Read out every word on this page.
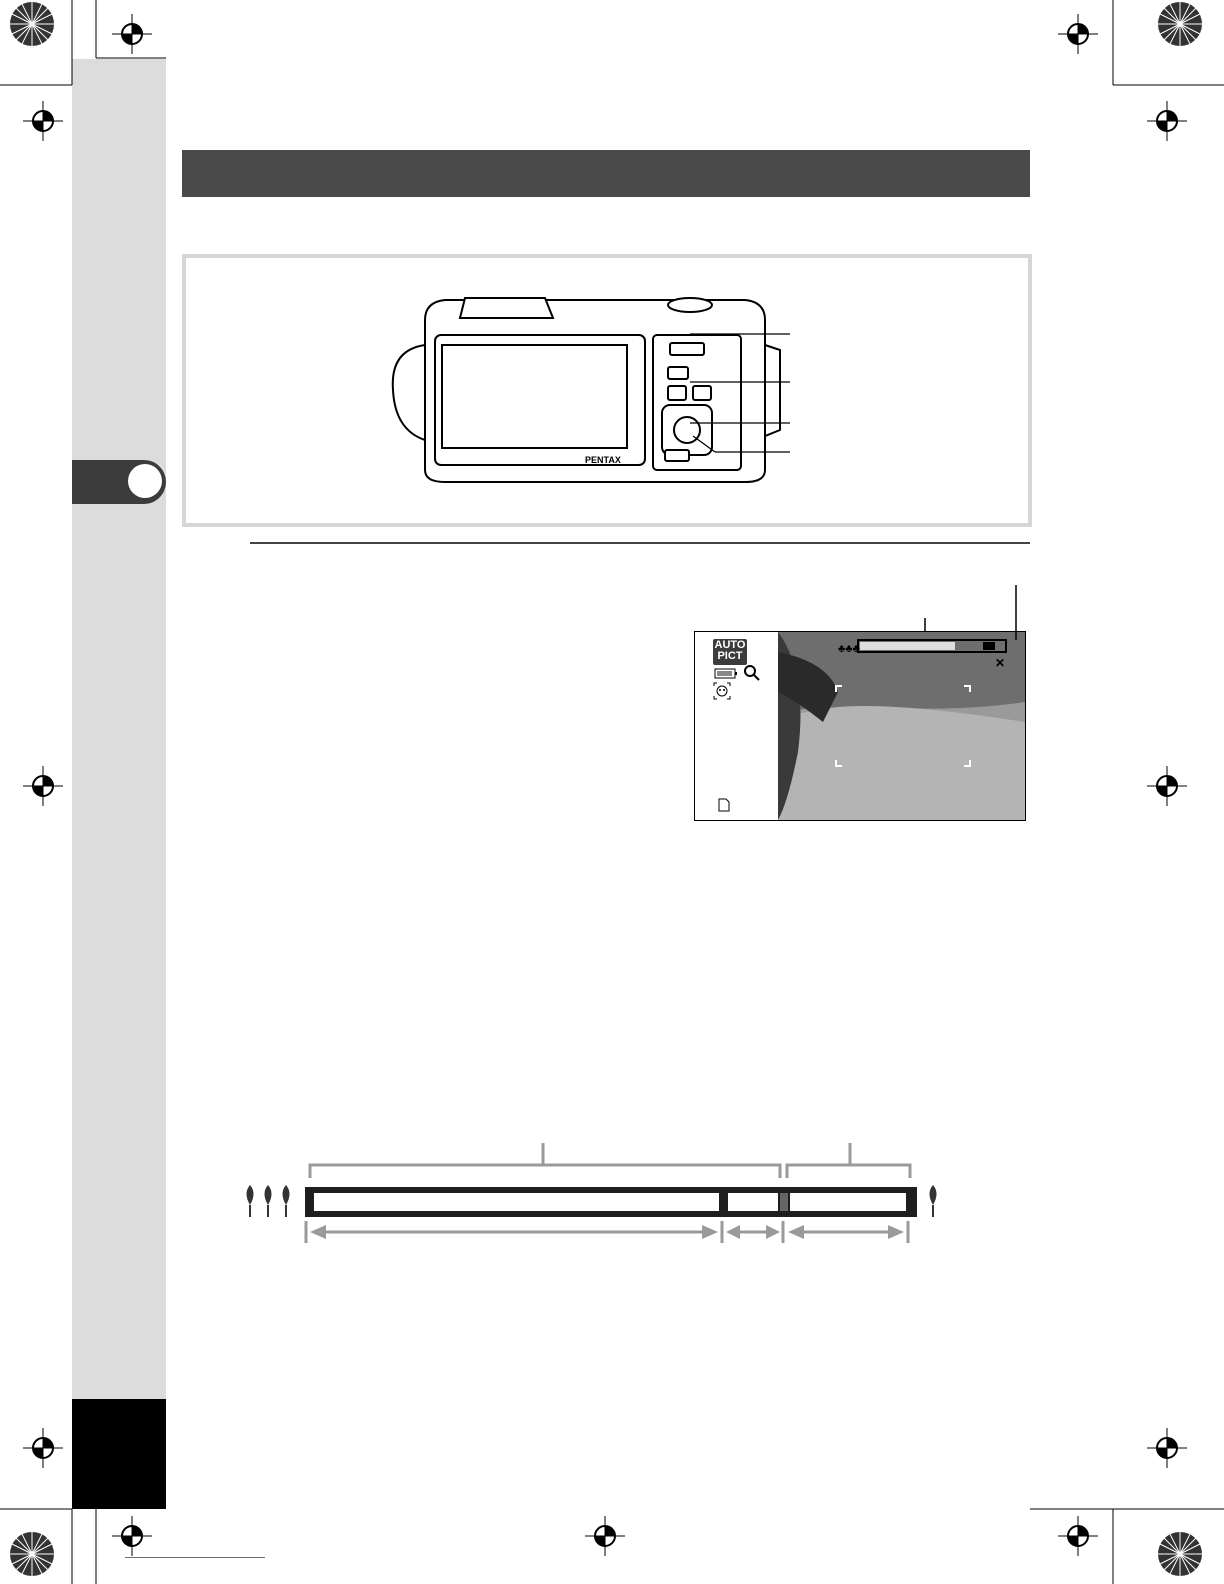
PENTAX
AUTO
PICT
♣♣♣
✕
